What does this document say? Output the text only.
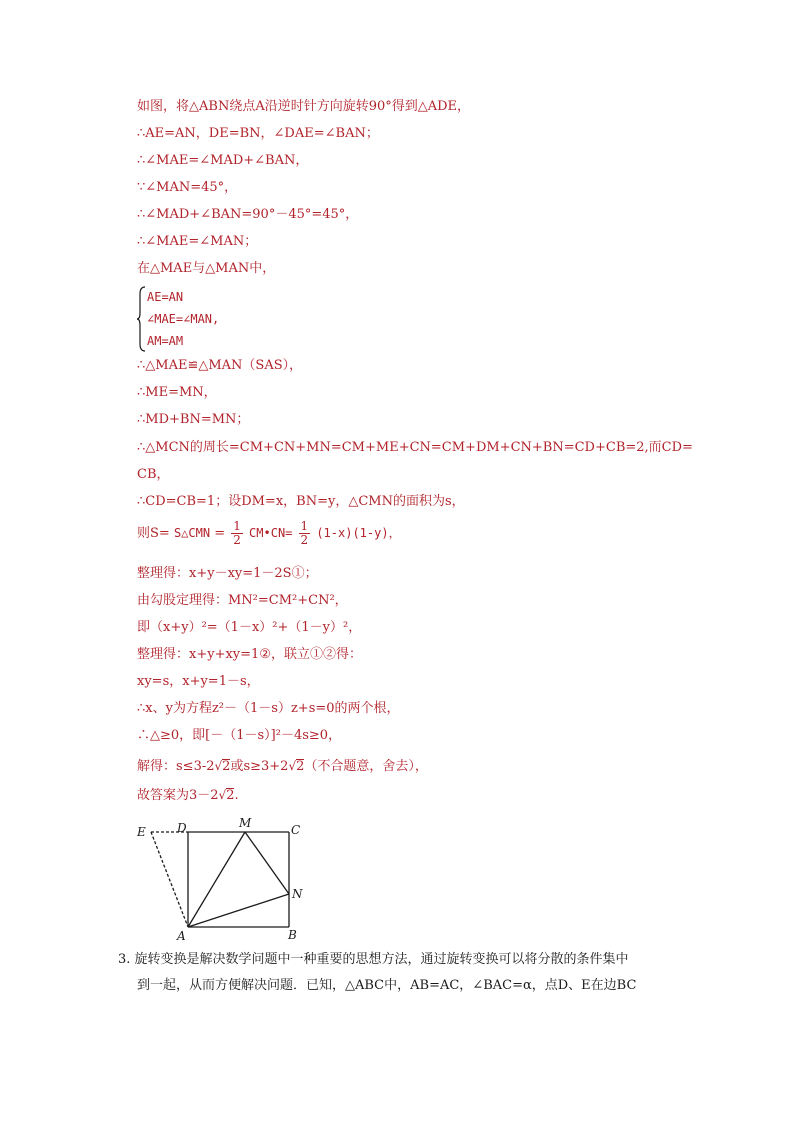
如图，将△ABN绕点A沿逆时针方向旋转90°得到△ADE，
∴AE=AN，DE=BN，∠DAE=∠BAN；
∴∠MAE=∠MAD+∠BAN，
∵∠MAN=45°，
∴∠MAD+∠BAN=90°－45°=45°，
∴∠MAE=∠MAN；
在△MAE与△MAN中，
AE=AN
∠MAE=∠MAN,
AM=AM
∴△MAE≌△MAN（SAS），
∴ME=MN，
∴MD+BN=MN；
∴△MCN的周长=CM+CN+MN=CM+ME+CN=CM+DM+CN+BN=CD+CB=2,而CD=
CB，
∴CD=CB=1；设DM=x，BN=y，△CMN的面积为s，
则S= S△CMN = $\frac{1}{2}$ CM•CN= $\frac{1}{2} (1-x)(1-y)$，
整理得：x+y－xy=1－2S①；
由勾股定理得：MN²=CM²+CN²，
即（x+y）²=（1－x）²+（1－y）²，
整理得：x+y+xy=1②，联立①②得：
xy=s，x+y=1－s，
∴x、y为方程z²－（1－s）z+s=0的两个根，
∴△≥0，即[－（1－s）]²－4s≥0，
解得：s≤3-2√2或s≥3+2√2（不合题意，舍去），
故答案为3－2√2.
E	D	M	C
N
A	B
3. 旋转变换是解决数学问题中一种重要的思想方法，通过旋转变换可以将分散的条件集中
到一起，从而方便解决问题．已知，△ABC中，AB=AC，∠BAC=α，点D、E在边BC
